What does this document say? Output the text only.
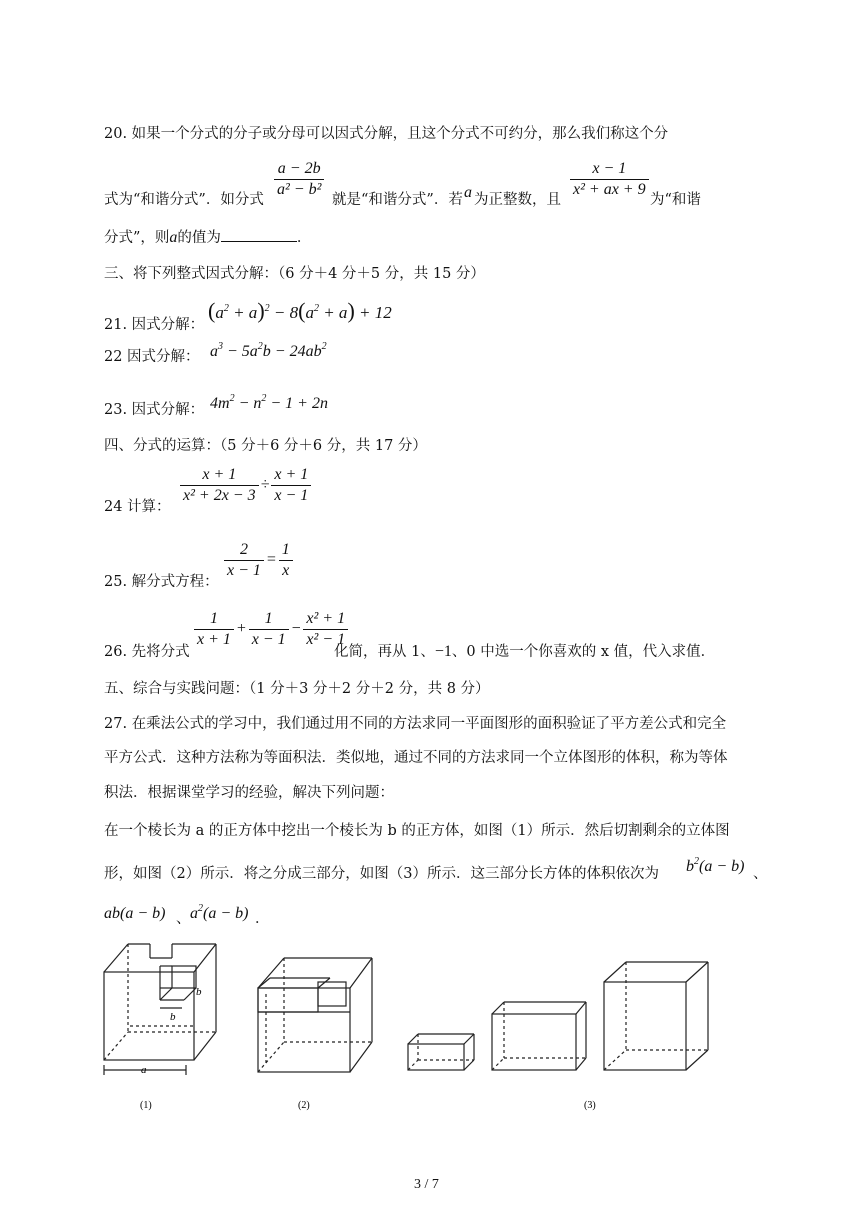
20. 如果一个分式的分子或分母可以因式分解，且这个分式不可约分，那么我们称这个分
$\frac{a - 2b}{\text{a² − b²}}$	$\frac{x - 1}{\text{x² + ax + 9}}$
式为“和谐分式”．如分式	就是“和谐分式”．若 a 为正整数，且	为“和谐
分式”，则a的值为	．
三、将下列整式因式分解：（6 分＋4 分＋5 分，共 15 分）
21. 因式分解：
$(a^2 + a)^2 - 8(a^2 + a) + 12$
22 因式分解： $a^3 - 5a^2b - 24ab^2$
23. 因式分解： $4m^2 - n^2 - 1 + 2n$
四、分式的运算：（5 分＋6 分＋6 分，共 17 分）
24 计算：
$\frac{x + 1}{\text{x² + 2x − 3}} \div \frac{x + 1}{x - 1}$
25. 解分式方程：
$\frac{2}{x - 1} = \frac{1}{x}$
26. 先将分式
$\frac{1}{x + 1} + \frac{1}{x - 1} - \frac{\text{x² + 1}}{\text{x² − 1}}$
化简，再从 1、−1、0 中选一个你喜欢的 x 值，代入求值．
五、综合与实践问题：（1 分＋3 分＋2 分＋2 分，共 8 分）
27. 在乘法公式的学习中，我们通过用不同的方法求同一平面图形的面积验证了平方差公式和完全
平方公式．这种方法称为等面积法．类似地，通过不同的方法求同一个立体图形的体积，称为等体
积法．根据课堂学习的经验，解决下列问题：
在一个棱长为 a 的正方体中挖出一个棱长为 b 的正方体，如图（1）所示．然后切割剩余的立体图
形，如图（2）所示．将之分成三部分，如图（3）所示．这三部分长方体的体积依次为 $b^2(a - b)$ 、
ab(a − b) 、 $a^2(a - b)$ ．
b
b
a
(1)	(2)	(3)
3 / 7
